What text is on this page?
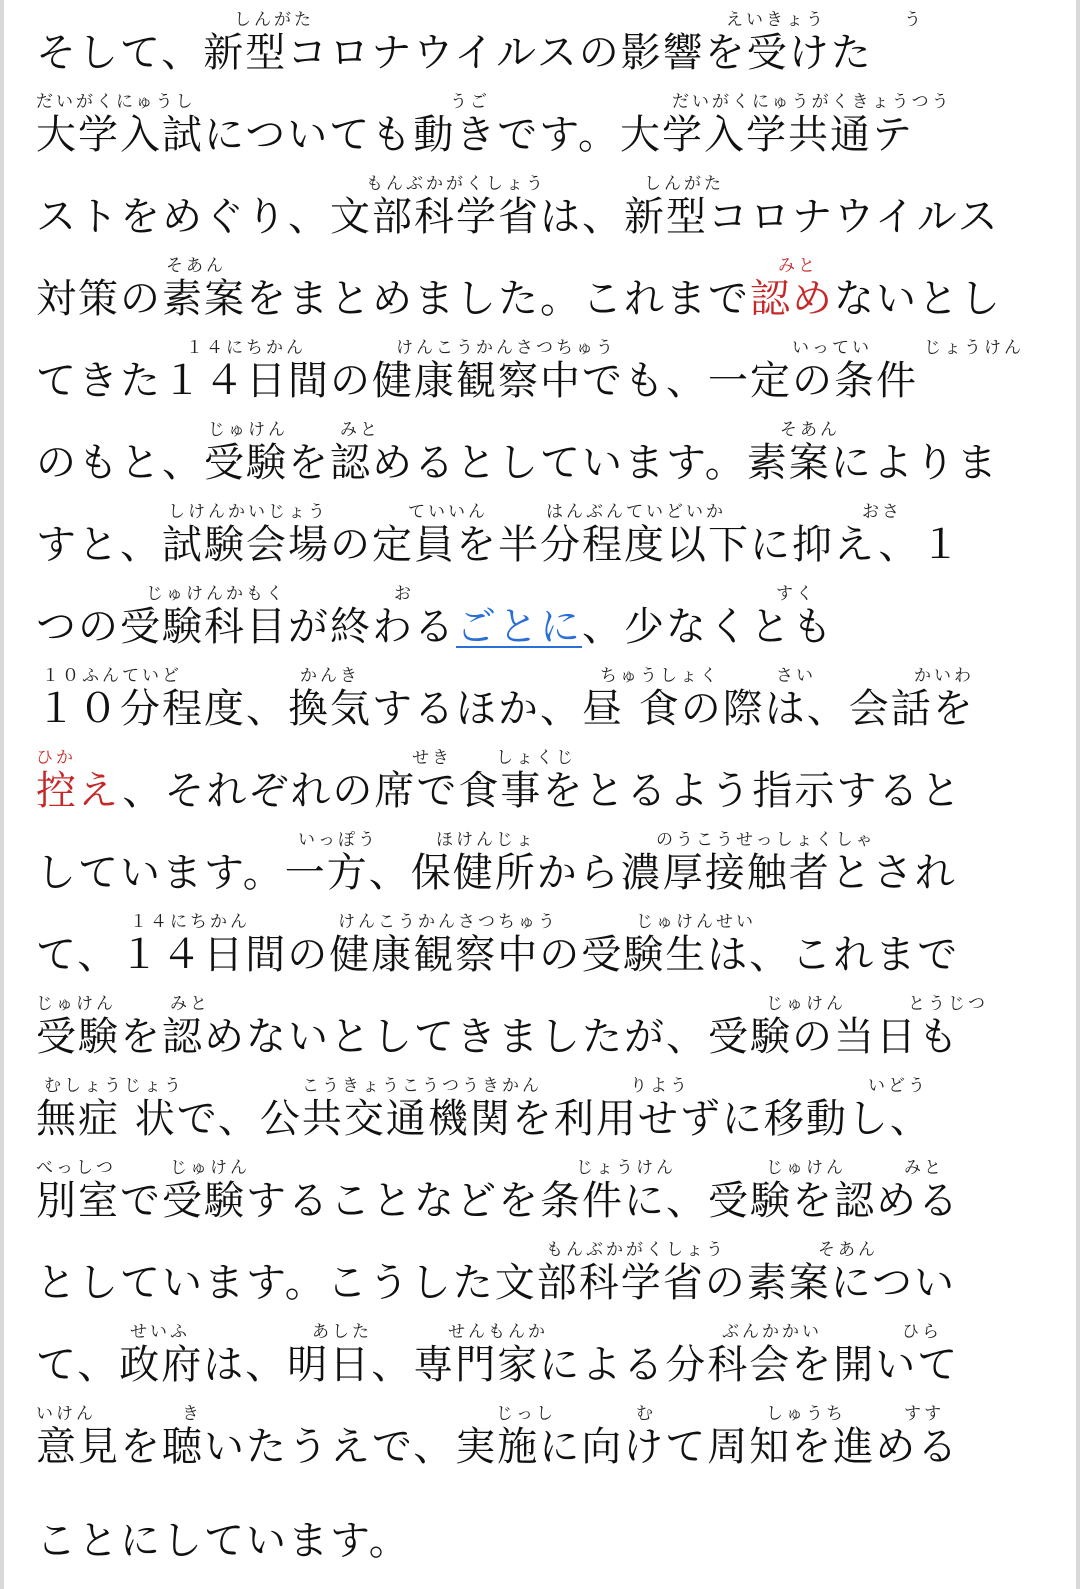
しんがた	えいきょう	う
そして、新型コロナウイルスの影響を受けた
だいがくにゅうし	うご	だいがくにゅうがくきょうつう
大学入試についても動きです。大学入学共通テ
もんぶかがくしょう	しんがた
ストをめぐり、文部科学省は、新型コロナウイルス
そあん	みと
対策の素案をまとめました。これまで認めないとし
１４にちかん	けんこうかんさつちゅう	いってい	じょうけん
てきた１４日間の健康観察中でも、一定の条件
じゅけん	みと	そあん
のもと、受験を認めるとしています。素案によりま
しけんかいじょう	ていいん	はんぶんていどいか	おさ
すと、試験会場の定員を半分程度以下に抑え、１
じゅけんかもく	お	すく
つの受験科目が終わるごとに、少なくとも
１０ふんていど	かんき	ちゅうしょく	さい	かいわ
１０分程度、換気するほか、昼 食の際は、会話を
ひか	せき	しょくじ
控え、それぞれの席で食事をとるよう指示すると
いっぽう	ほけんじょ	のうこうせっしょくしゃ
しています。一方、保健所から濃厚接触者とされ
１４にちかん	けんこうかんさつちゅう	じゅけんせい
て、１４日間の健康観察中の受験生は、これまで
じゅけん	みと	じゅけん	とうじつ
受験を認めないとしてきましたが、受験の当日も
むしょうじょう	こうきょうこうつうきかん	りよう	いどう
無症 状で、公共交通機関を利用せずに移動し、
べっしつ	じゅけん	じょうけん	じゅけん	みと
別室で受験することなどを条件に、受験を認める
もんぶかがくしょう	そあん
としています。こうした文部科学省の素案につい
せいふ	あした	せんもんか	ぶんかかい	ひら
て、政府は、明日、専門家による分科会を開いて
いけん	き	じっし	む	しゅうち	すす
意見を聴いたうえで、実施に向けて周知を進める
ことにしています。
